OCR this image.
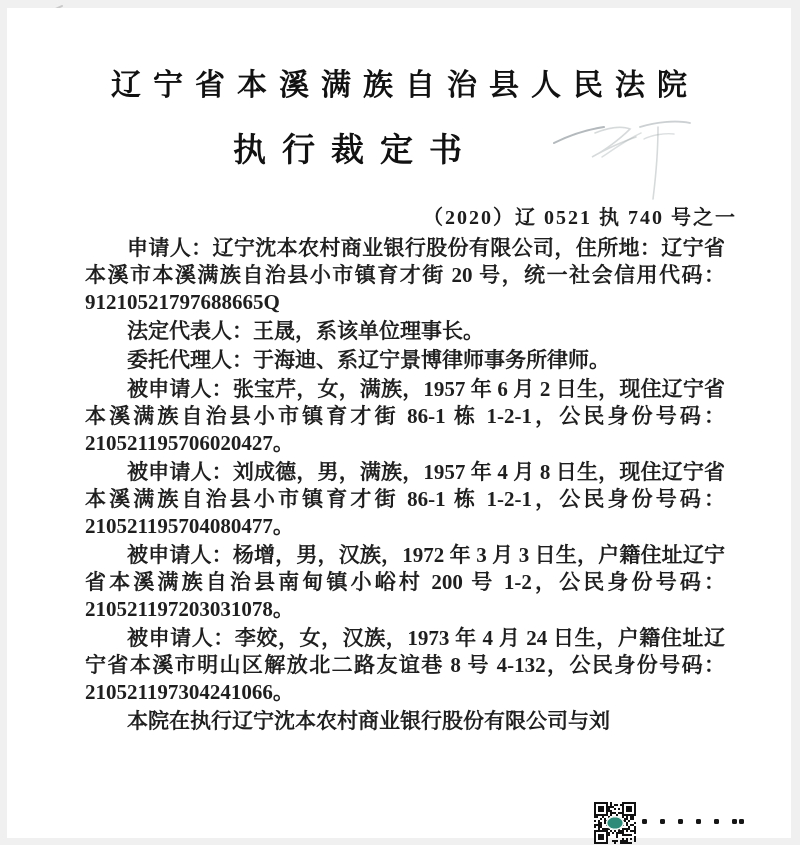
辽宁省本溪满族自治县人民法院
执行裁定书
（2020）辽 0521 执 740 号之一

申请人：辽宁沈本农村商业银行股份有限公司，住所地：辽宁省本溪市本溪满族自治县小市镇育才街 20 号，统一社会信用代码：91210521797688665Q

法定代表人：王晟，系该单位理事长。

委托代理人：于海迪、系辽宁景博律师事务所律师。

被申请人：张宝芹，女，满族，1957 年 6 月 2 日生，现住辽宁省本溪满族自治县小市镇育才街 86-1 栋 1-2-1，公民身份号码：210521195706020427。

被申请人：刘成德，男，满族，1957 年 4 月 8 日生，现住辽宁省本溪满族自治县小市镇育才街 86-1 栋 1-2-1，公民身份号码：210521195704080477。

被申请人：杨增，男，汉族，1972 年 3 月 3 日生，户籍住址辽宁省本溪满族自治县南甸镇小峪村 200 号 1-2，公民身份号码：210521197203031078。

被申请人：李姣，女，汉族，1973 年 4 月 24 日生，户籍住址辽宁省本溪市明山区解放北二路友谊巷 8 号 4-132，公民身份号码：210521197304241066。

本院在执行辽宁沈本农村商业银行股份有限公司与刘
